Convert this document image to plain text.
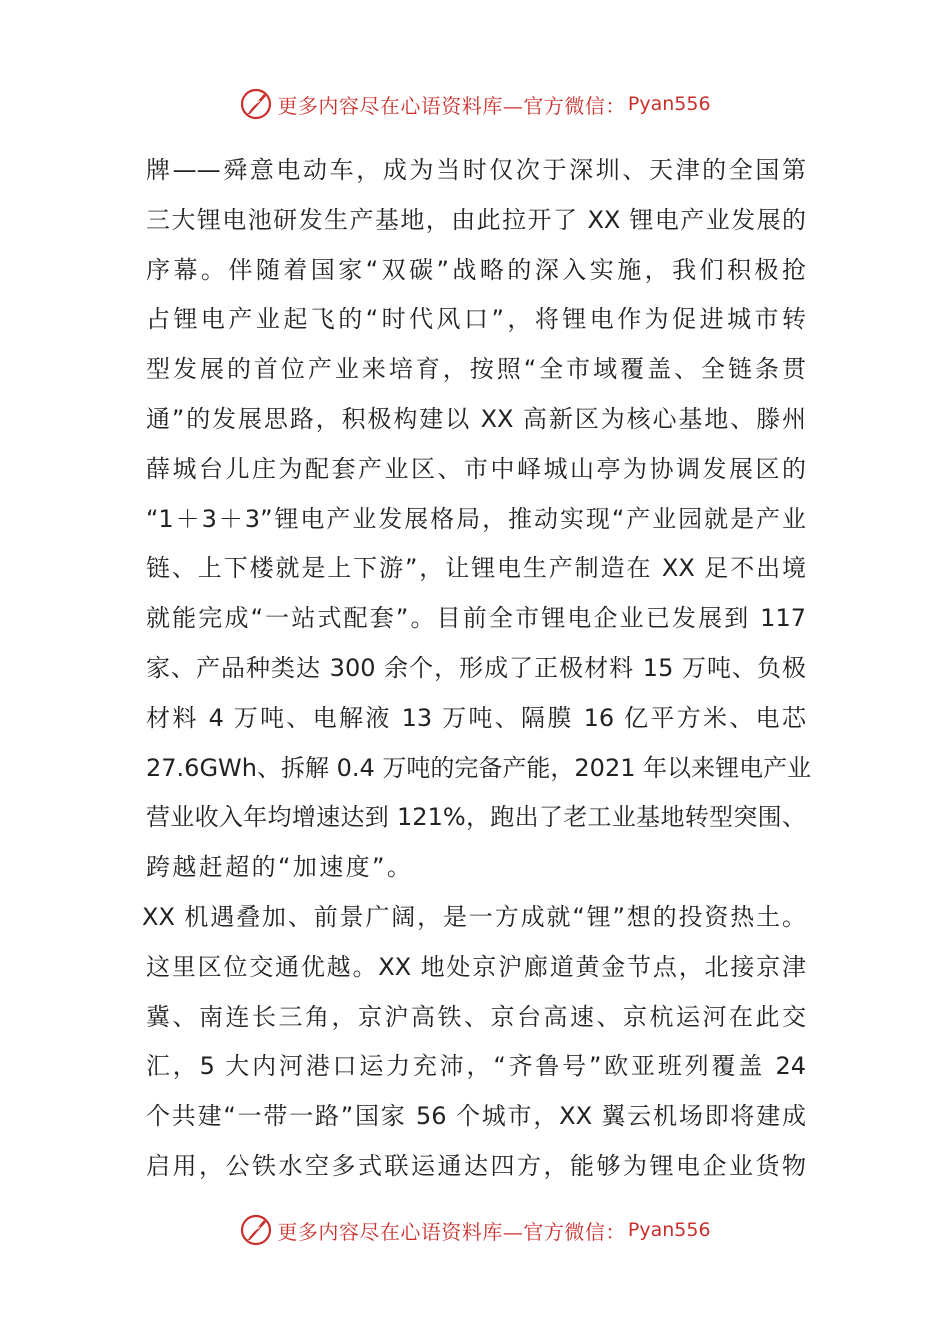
更多内容尽在心语资料库—官方微信： Pyan556
牌——舜意电动车，成为当时仅次于深圳、天津的全国第
三大锂电池研发生产基地，由此拉开了 XX 锂电产业发展的
序幕。伴随着国家“双碳”战略的深入实施，我们积极抢
占锂电产业起飞的“时代风口”，将锂电作为促进城市转
型发展的首位产业来培育，按照“全市域覆盖、全链条贯
通”的发展思路，积极构建以 XX 高新区为核心基地、滕州
薛城台儿庄为配套产业区、市中峄城山亭为协调发展区的
“1＋3＋3”锂电产业发展格局，推动实现“产业园就是产业
链、上下楼就是上下游”，让锂电生产制造在 XX 足不出境
就能完成“一站式配套”。目前全市锂电企业已发展到 117
家、产品种类达 300 余个，形成了正极材料 15 万吨、负极
材料 4 万吨、电解液 13 万吨、隔膜 16 亿平方米、电芯
27.6GWh、拆解 0.4 万吨的完备产能，2021 年以来锂电产业
营业收入年均增速达到 121%，跑出了老工业基地转型突围、
跨越赶超的“加速度”。
XX 机遇叠加、前景广阔，是一方成就“锂”想的投资热土。
这里区位交通优越。XX 地处京沪廊道黄金节点，北接京津
冀、南连长三角，京沪高铁、京台高速、京杭运河在此交
汇，5 大内河港口运力充沛，“齐鲁号”欧亚班列覆盖 24
个共建“一带一路”国家 56 个城市，XX 翼云机场即将建成
启用，公铁水空多式联运通达四方，能够为锂电企业货物
更多内容尽在心语资料库—官方微信： Pyan556
